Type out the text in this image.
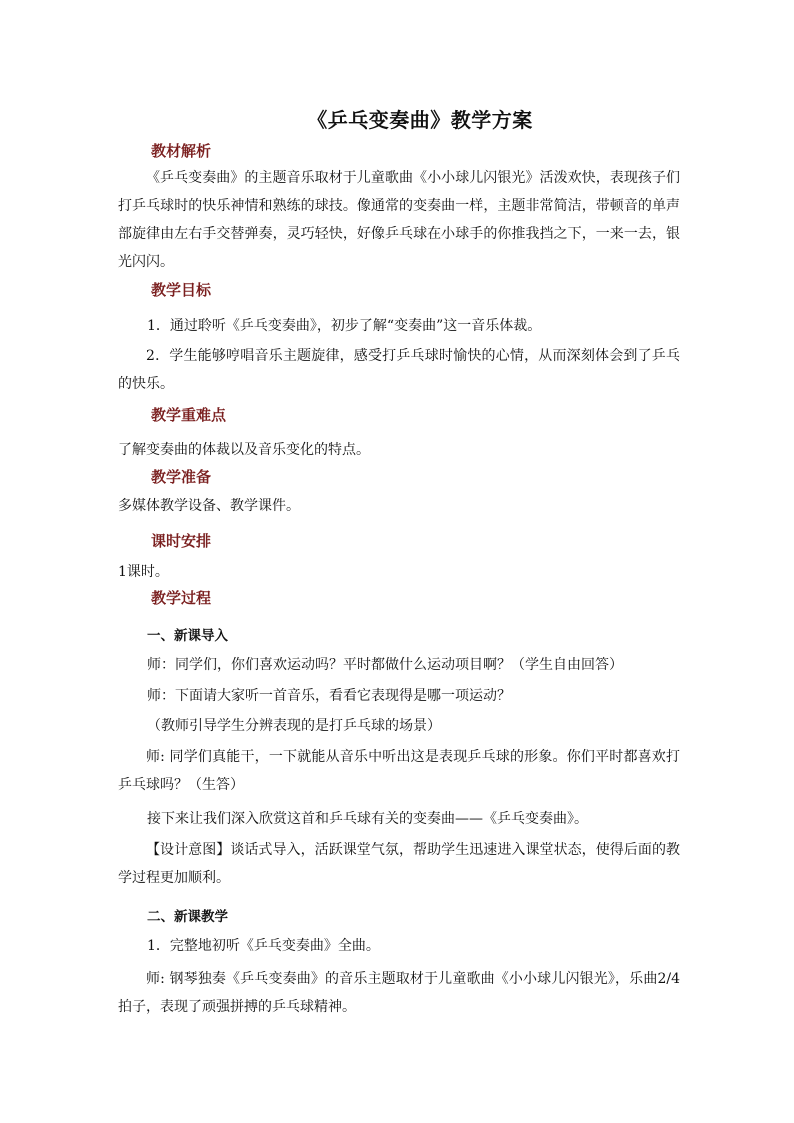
《乒乓变奏曲》教学方案
教材解析
《乒乓变奏曲》的主题音乐取材于儿童歌曲《小小球儿闪银光》活泼欢快，表现孩子们打乒乓球时的快乐神情和熟练的球技。像通常的变奏曲一样，主题非常简洁，带顿音的单声部旋律由左右手交替弹奏，灵巧轻快，好像乒乓球在小球手的你推我挡之下，一来一去，银光闪闪。
教学目标
1．通过聆听《乒乓变奏曲》，初步了解“变奏曲”这一音乐体裁。
2．学生能够哼唱音乐主题旋律，感受打乒乓球时愉快的心情，从而深刻体会到了乒乓的快乐。
教学重难点
了解变奏曲的体裁以及音乐变化的特点。
教学准备
多媒体教学设备、教学课件。
课时安排
1课时。
教学过程
一、新课导入
师：同学们，你们喜欢运动吗？平时都做什么运动项目啊？（学生自由回答）
师：下面请大家听一首音乐，看看它表现得是哪一项运动？
（教师引导学生分辨表现的是打乒乓球的场景）
师: 同学们真能干，一下就能从音乐中听出这是表现乒乓球的形象。你们平时都喜欢打乒乓球吗？（生答）
接下来让我们深入欣赏这首和乒乓球有关的变奏曲——《乒乓变奏曲》。
【设计意图】谈话式导入，活跃课堂气氛，帮助学生迅速进入课堂状态，使得后面的教学过程更加顺利。
二、新课教学
1．完整地初听《乒乓变奏曲》全曲。
师: 钢琴独奏《乒乓变奏曲》的音乐主题取材于儿童歌曲《小小球儿闪银光》，乐曲2/4拍子，表现了顽强拼搏的乒乓球精神。
